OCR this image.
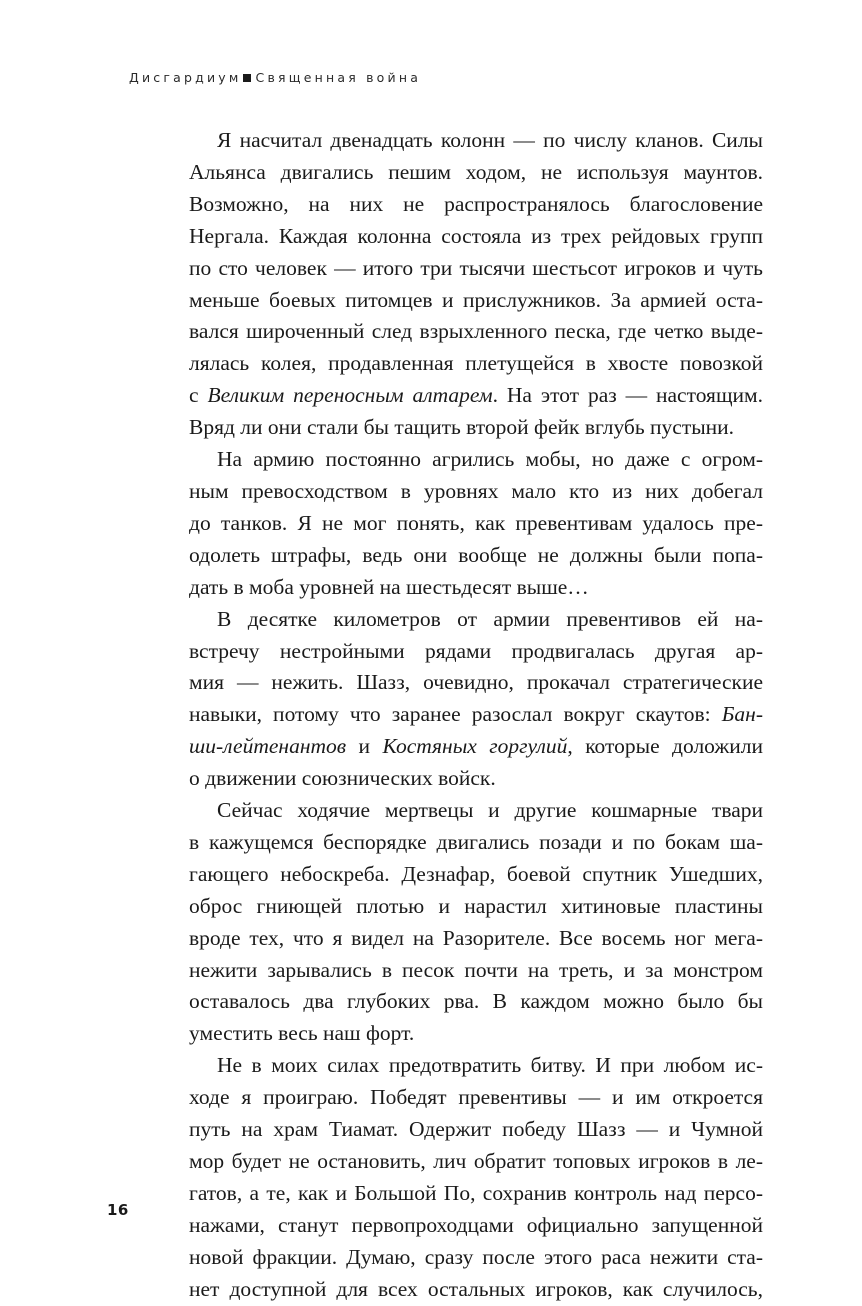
Дисгардиум Священная война
Я насчитал двенадцать колонн — по числу кланов. Силы
Альянса двигались пешим ходом, не используя маунтов.
Возможно, на них не распространялось благословение
Нергала. Каждая колонна состояла из трех рейдовых групп
по сто человек — итого три тысячи шестьсот игроков и чуть
меньше боевых питомцев и прислужников. За армией оста-
вался широченный след взрыхленного песка, где четко выде-
лялась колея, продавленная плетущейся в хвосте повозкой
с Великим переносным алтарем. На этот раз — настоящим.
Вряд ли они стали бы тащить второй фейк вглубь пустыни.
На армию постоянно агрились мобы, но даже с огром-
ным превосходством в уровнях мало кто из них добегал
до танков. Я не мог понять, как превентивам удалось пре-
одолеть штрафы, ведь они вообще не должны были попа-
дать в моба уровней на шестьдесят выше…
В десятке километров от армии превентивов ей на-
встречу нестройными рядами продвигалась другая ар-
мия — нежить. Шазз, очевидно, прокачал стратегические
навыки, потому что заранее разослал вокруг скаутов: Бан-
ши-лейтенантов и Костяных горгулий, которые доложили
о движении союзнических войск.
Сейчас ходячие мертвецы и другие кошмарные твари
в кажущемся беспорядке двигались позади и по бокам ша-
гающего небоскреба. Дезнафар, боевой спутник Ушедших,
оброс гниющей плотью и нарастил хитиновые пластины
вроде тех, что я видел на Разорителе. Все восемь ног мега-
нежити зарывались в песок почти на треть, и за монстром
оставалось два глубоких рва. В каждом можно было бы
уместить весь наш форт.
Не в моих силах предотвратить битву. И при любом ис-
ходе я проиграю. Победят превентивы — и им откроется
путь на храм Тиамат. Одержит победу Шазз — и Чумной
мор будет не остановить, лич обратит топовых игроков в ле-
гатов, а те, как и Большой По, сохранив контроль над персо-
нажами, станут первопроходцами официально запущенной
новой фракции. Думаю, сразу после этого раса нежити ста-
нет доступной для всех остальных игроков, как случилось,
16
